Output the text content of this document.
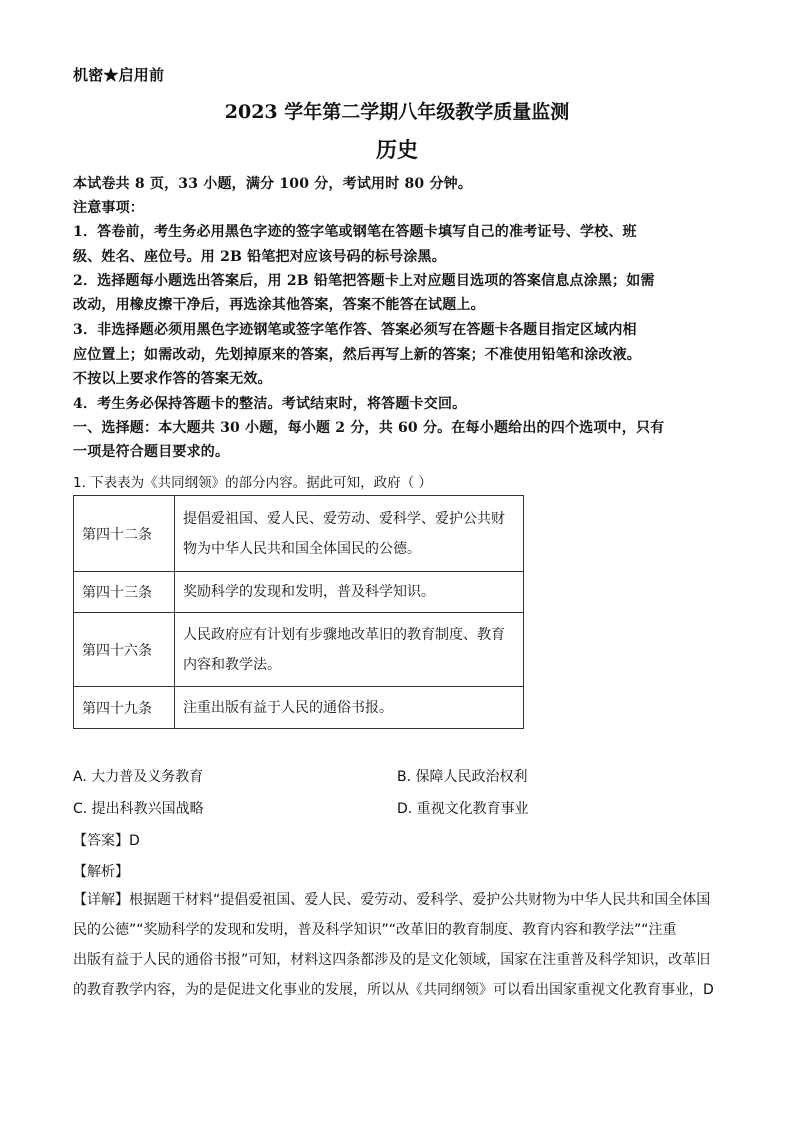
机密★启用前
2023 学年第二学期八年级教学质量监测
历史
本试卷共 8 页，33 小题，满分 100 分，考试用时 80 分钟。
注意事项：
1．答卷前，考生务必用黑色字迹的签字笔或钢笔在答题卡填写自己的准考证号、学校、班
级、姓名、座位号。用 2B 铅笔把对应该号码的标号涂黑。
2．选择题每小题选出答案后，用 2B 铅笔把答题卡上对应题目选项的答案信息点涂黑；如需
改动，用橡皮擦干净后，再选涂其他答案，答案不能答在试题上。
3．非选择题必须用黑色字迹钢笔或签字笔作答、答案必须写在答题卡各题目指定区域内相
应位置上；如需改动，先划掉原来的答案，然后再写上新的答案；不准使用铅笔和涂改液。
不按以上要求作答的答案无效。
4．考生务必保持答题卡的整洁。考试结束时，将答题卡交回。
一、选择题：本大题共 30 小题，每小题 2 分，共 60 分。在每小题给出的四个选项中，只有
一项是符合题目要求的。
1. 下表表为《共同纲领》的部分内容。据此可知，政府（ ）
第四十二条	提倡爱祖国、爱人民、爱劳动、爱科学、爱护公共财
物为中华人民共和国全体国民的公德。

第四十三条	奖励科学的发现和发明，普及科学知识。

第四十六条	人民政府应有计划有步骤地改革旧的教育制度、教育
内容和教学法。

第四十九条	注重出版有益于人民的通俗书报。
A. 大力普及义务教育	B. 保障人民政治权利
C. 提出科教兴国战略	D. 重视文化教育事业
【答案】D
【解析】
【详解】根据题干材料“提倡爱祖国、爱人民、爱劳动、爱科学、爱护公共财物为中华人民共和国全体国
民的公德”“奖励科学的发现和发明，普及科学知识”“改革旧的教育制度、教育内容和教学法”“注重
出版有益于人民的通俗书报”可知，材料这四条都涉及的是文化领域，国家在注重普及科学知识，改革旧
的教育教学内容，为的是促进文化事业的发展，所以从《共同纲领》可以看出国家重视文化教育事业，D
